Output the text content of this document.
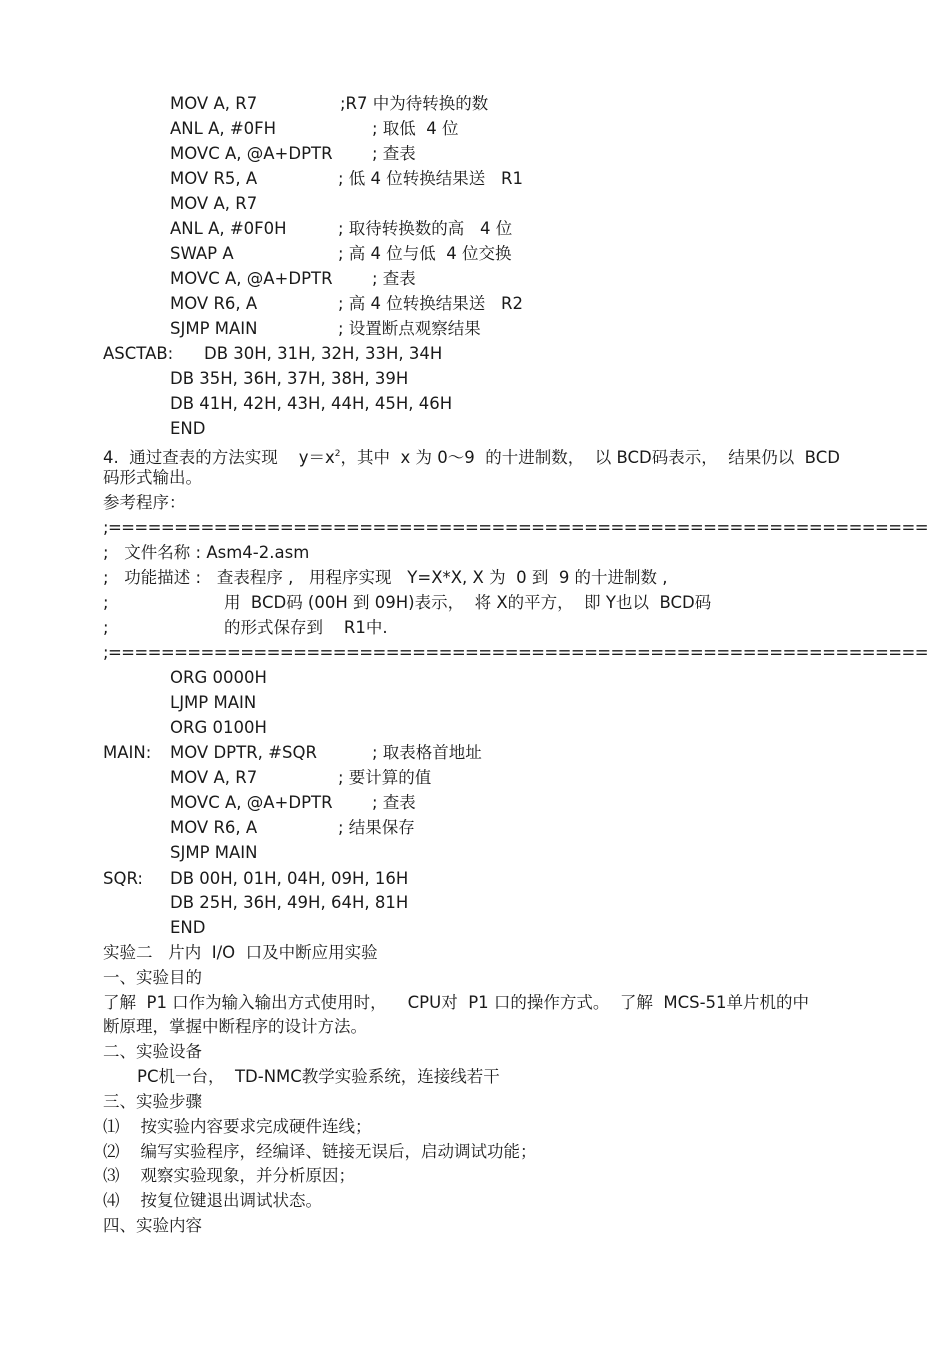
MOV A, R7	;R7 中为待转换的数
ANL A, #0FH	; 取低  4 位
MOVC A, @A+DPTR ; 查表
MOV R5, A	; 低 4 位转换结果送   R1
MOV A, R7
ANL A, #0F0H	; 取待转换数的高   4 位
SWAP A	; 高 4 位与低  4 位交换
MOVC A, @A+DPTR ; 查表
MOV R6, A	; 高 4 位转换结果送   R2
SJMP MAIN	; 设置断点观察结果
ASCTAB: DB 30H, 31H, 32H, 33H, 34H
DB 35H, 36H, 37H, 38H, 39H
DB 41H, 42H, 43H, 44H, 45H, 46H
END
4.  通过查表的方法实现    $y=x^2$，其中  x 为 0～9  的十进制数，  以 BCD码表示，  结果仍以  BCD
码形式输出。
参考程序：
;==============================================================
;   文件名称 : Asm4-2.asm
;   功能描述 :   查表程序 ,   用程序实现   Y=X*X, X 为  0 到  9 的十进制数 ,
;                      用  BCD码 (00H 到 09H)表示，  将 X的平方，  即 Y也以  BCD码
;                      的形式保存到    R1中.
;==============================================================
ORG 0000H
LJMP MAIN
ORG 0100H
MAIN: MOV DPTR, #SQR	; 取表格首地址
MOV A, R7	; 要计算的值
MOVC A, @A+DPTR ; 查表
MOV R6, A	; 结果保存
SJMP MAIN
SQR: DB 00H, 01H, 04H, 09H, 16H
DB 25H, 36H, 49H, 64H, 81H
END
实验二   片内  I/O  口及中断应用实验
一、实验目的
了解  P1 口作为输入输出方式使用时，    CPU对  P1 口的操作方式。  了解  MCS-51单片机的中
断原理，掌握中断程序的设计方法。
二、实验设备
PC机一台，  TD-NMC教学实验系统，连接线若干
三、实验步骤
⑴    按实验内容要求完成硬件连线；
⑵    编写实验程序，经编译、链接无误后，启动调试功能；
⑶    观察实验现象，并分析原因；
⑷    按复位键退出调试状态。
四、实验内容
